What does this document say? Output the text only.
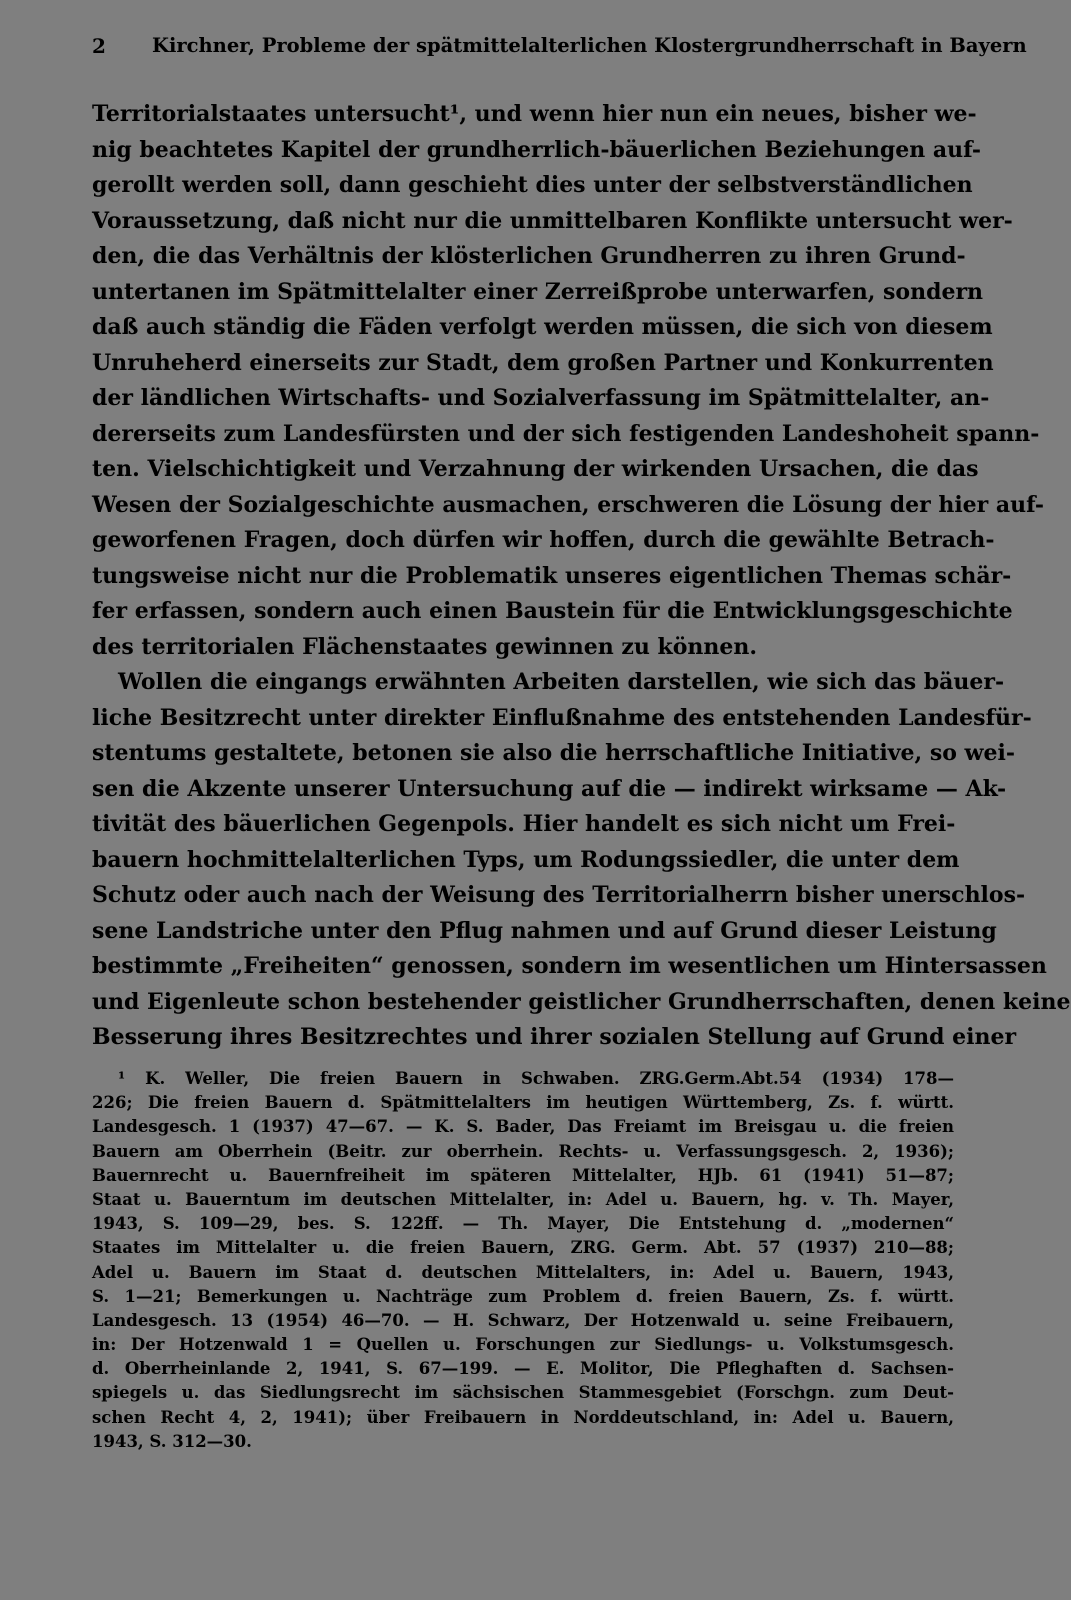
2 Kirchner, Probleme der spätmittelalterlichen Klostergrundherrschaft in Bayern
Territorialstaates untersucht¹, und wenn hier nun ein neues, bisher we-
nig beachtetes Kapitel der grundherrlich-bäuerlichen Beziehungen auf-
gerollt werden soll, dann geschieht dies unter der selbstverständlichen
Voraussetzung, daß nicht nur die unmittelbaren Konflikte untersucht wer-
den, die das Verhältnis der klösterlichen Grundherren zu ihren Grund-
untertanen im Spätmittelalter einer Zerreißprobe unterwarfen, sondern
daß auch ständig die Fäden verfolgt werden müssen, die sich von diesem
Unruheherd einerseits zur Stadt, dem großen Partner und Konkurrenten
der ländlichen Wirtschafts- und Sozialverfassung im Spätmittelalter, an-
dererseits zum Landesfürsten und der sich festigenden Landeshoheit spann-
ten. Vielschichtigkeit und Verzahnung der wirkenden Ursachen, die das
Wesen der Sozialgeschichte ausmachen, erschweren die Lösung der hier auf-
geworfenen Fragen, doch dürfen wir hoffen, durch die gewählte Betrach-
tungsweise nicht nur die Problematik unseres eigentlichen Themas schär-
fer erfassen, sondern auch einen Baustein für die Entwicklungsgeschichte
des territorialen Flächenstaates gewinnen zu können.
Wollen die eingangs erwähnten Arbeiten darstellen, wie sich das bäuer-
liche Besitzrecht unter direkter Einflußnahme des entstehenden Landesfür-
stentums gestaltete, betonen sie also die herrschaftliche Initiative, so wei-
sen die Akzente unserer Untersuchung auf die — indirekt wirksame — Ak-
tivität des bäuerlichen Gegenpols. Hier handelt es sich nicht um Frei-
bauern hochmittelalterlichen Typs, um Rodungssiedler, die unter dem
Schutz oder auch nach der Weisung des Territorialherrn bisher unerschlos-
sene Landstriche unter den Pflug nahmen und auf Grund dieser Leistung
bestimmte „Freiheiten“ genossen, sondern im wesentlichen um Hintersassen
und Eigenleute schon bestehender geistlicher Grundherrschaften, denen keine
Besserung ihres Besitzrechtes und ihrer sozialen Stellung auf Grund einer
¹ K. Weller, Die freien Bauern in Schwaben. ZRG.Germ.Abt.54 (1934) 178—
226; Die freien Bauern d. Spätmittelalters im heutigen Württemberg, Zs. f. württ.
Landesgesch. 1 (1937) 47—67. — K. S. Bader, Das Freiamt im Breisgau u. die freien
Bauern am Oberrhein (Beitr. zur oberrhein. Rechts- u. Verfassungsgesch. 2, 1936);
Bauernrecht u. Bauernfreiheit im späteren Mittelalter, HJb. 61 (1941) 51—87;
Staat u. Bauerntum im deutschen Mittelalter, in: Adel u. Bauern, hg. v. Th. Mayer,
1943, S. 109—29, bes. S. 122ff. — Th. Mayer, Die Entstehung d. „modernen“
Staates im Mittelalter u. die freien Bauern, ZRG. Germ. Abt. 57 (1937) 210—88;
Adel u. Bauern im Staat d. deutschen Mittelalters, in: Adel u. Bauern, 1943,
S. 1—21; Bemerkungen u. Nachträge zum Problem d. freien Bauern, Zs. f. württ.
Landesgesch. 13 (1954) 46—70. — H. Schwarz, Der Hotzenwald u. seine Freibauern,
in: Der Hotzenwald 1 = Quellen u. Forschungen zur Siedlungs- u. Volkstumsgesch.
d. Oberrheinlande 2, 1941, S. 67—199. — E. Molitor, Die Pfleghaften d. Sachsen-
spiegels u. das Siedlungsrecht im sächsischen Stammesgebiet (Forschgn. zum Deut-
schen Recht 4, 2, 1941); über Freibauern in Norddeutschland, in: Adel u. Bauern,
1943, S. 312—30.
